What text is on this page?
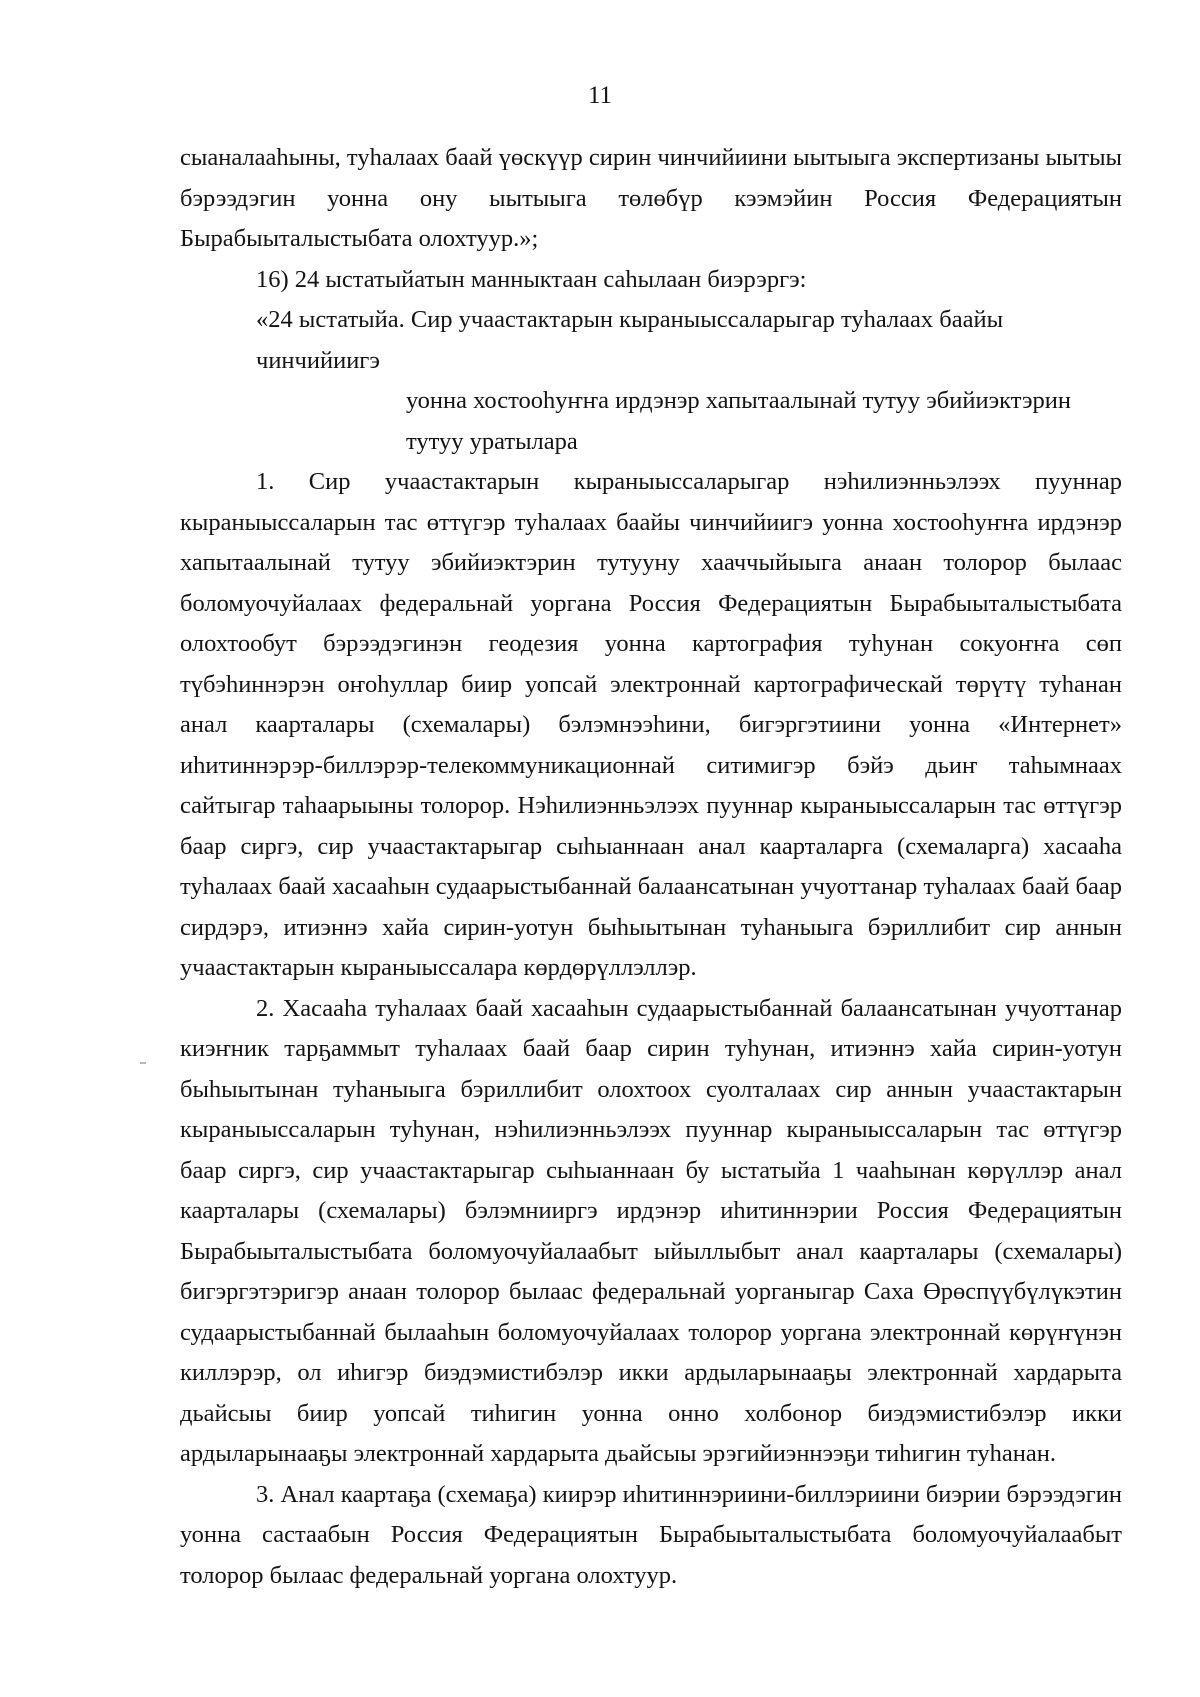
11

сыаналааһыны, туһалаах баай үөскүүр сирин чинчийиини ыытыыга экспертизаны ыытыы бэрээдэгин уонна ону ыытыыга төлөбүр кээмэйин Россия Федерациятын Бырабыыталыстыбата олохтуур.»;

16) 24 ыстатыйатын манныктаан саһылаан биэрэргэ:

«24 ыстатыйа. Сир учаастактарын кыраныыссаларыгар туһалаах баайы чинчийиигэ
уонна хостооһуҥҥа ирдэнэр хапытаалынай тутуу эбийиэктэрин
тутуу уратылара

1. Сир учаастактарын кыраныыссаларыгар нэһилиэнньэлээх пууннар кыраныыссаларын тас өттүгэр туһалаах баайы чинчийиигэ уонна хостооһуҥҥа ирдэнэр хапытаалынай тутуу эбийиэктэрин тутууну хааччыйыыга анаан толорор былаас боломуочуйалаах федеральнай уоргана Россия Федерациятын Бырабыыталыстыбата олохтообут бэрээдэгинэн геодезия уонна картография туһунан сокуоҥҥа сөп түбэһиннэрэн оҥоһуллар биир уопсай электроннай картографическай төрүтү туһанан анал каарталары (схемалары) бэлэмнээһини, бигэргэтиини уонна «Интернет» иһитиннэрэр-биллэрэр-телекоммуникационнай ситимигэр бэйэ дьиҥ таһымнаах сайтыгар таһаарыыны толорор. Нэһилиэнньэлээх пууннар кыраныыссаларын тас өттүгэр баар сиргэ, сир учаастактарыгар сыһыаннаан анал каарталарга (схемаларга) хасааһа туһалаах баай хасааһын судаарыстыбаннай балаансатынан учуоттанар туһалаах баай баар сирдэрэ, итиэннэ хайа сирин-уотун быһыытынан туһаныыга бэриллибит сир аннын учаастактарын кыраныыссалара көрдөрүллэллэр.

2. Хасааһа туһалаах баай хасааһын судаарыстыбаннай балаансатынан учуоттанар киэҥник тарҕаммыт туһалаах баай баар сирин туһунан, итиэннэ хайа сирин-уотун быһыытынан туһаныыга бэриллибит олохтоох суолталаах сир аннын учаастактарын кыраныыссаларын туһунан, нэһилиэнньэлээх пууннар кыраныыссаларын тас өттүгэр баар сиргэ, сир учаастактарыгар сыһыаннаан бу ыстатыйа 1 чааһынан көрүллэр анал каарталары (схемалары) бэлэмнииргэ ирдэнэр иһитиннэрии Россия Федерациятын Бырабыыталыстыбата боломуочуйалаабыт ыйыллыбыт анал каарталары (схемалары) бигэргэтэригэр анаан толорор былаас федеральнай уорганыгар Саха Өрөспүүбүлүкэтин судаарыстыбаннай былааһын боломуочуйалаах толорор уоргана электроннай көрүҥүнэн киллэрэр, ол иһигэр биэдэмистибэлэр икки ардыларынааҕы электроннай хардарыта дьайсыы биир уопсай тиһигин уонна онно холбонор биэдэмистибэлэр икки ардыларынааҕы электроннай хардарыта дьайсыы эрэгийиэннээҕи тиһигин туһанан.

3. Анал каартаҕа (схемаҕа) киирэр иһитиннэриини-биллэриини биэрии бэрээдэгин уонна састаабын Россия Федерациятын Бырабыыталыстыбата боломуочуйалаабыт толорор былаас федеральнай уоргана олохтуур.
